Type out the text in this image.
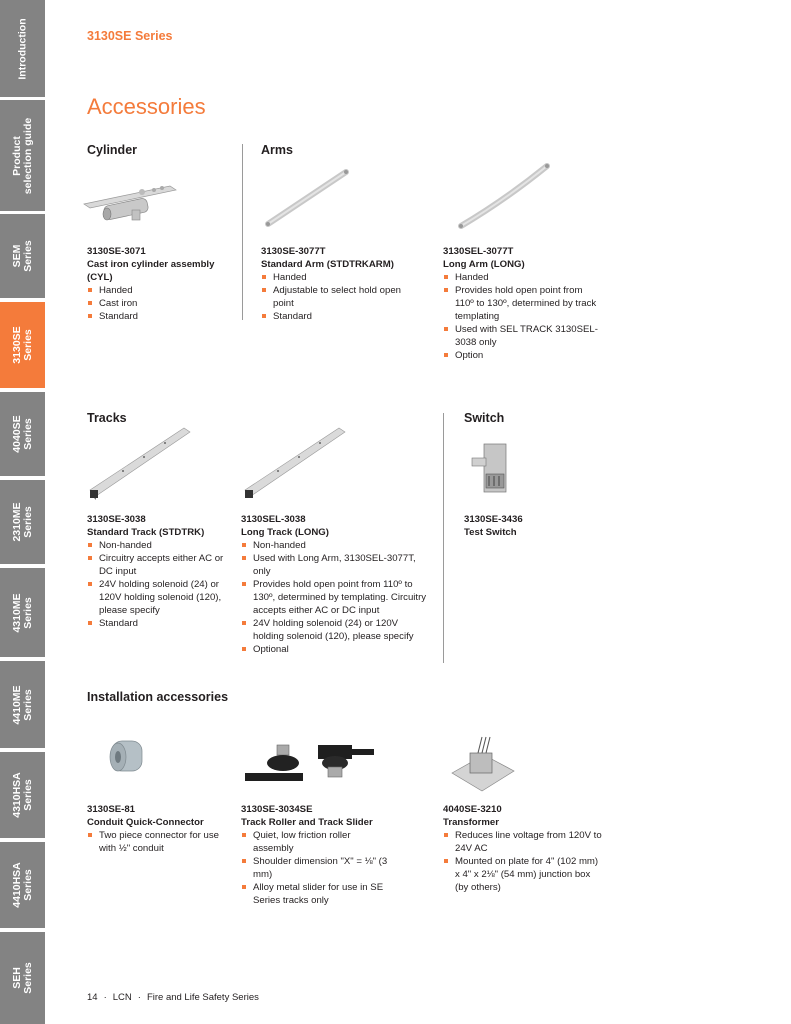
Introduction
Product
selection guide
SEM
Series
3130SE
Series
4040SE
Series
2310ME
Series
4310ME
Series
4410ME
Series
4310HSA
Series
4410HSA
Series
SEH
Series
3130SE Series
Accessories
Cylinder
3130SE-3071
Cast iron cylinder assembly (CYL)
Handed
Cast iron
Standard
Arms
3130SE-3077T
Standard Arm (STDTRKARM)
Handed
Adjustable to select hold open point
Standard
3130SEL-3077T
Long Arm (LONG)
Handed
Provides hold open point from 110º to 130º, determined by track templating
Used with SEL TRACK 3130SEL-3038 only
Option
Tracks
3130SE-3038
Standard Track (STDTRK)
Non-handed
Circuitry accepts either AC or DC input
24V holding solenoid (24) or 120V holding solenoid (120), please specify
Standard
3130SEL-3038
Long Track (LONG)
Non-handed
Used with Long Arm, 3130SEL-3077T, only
Provides hold open point from 110º to 130º, determined by templating. Circuitry accepts either AC or DC input
24V holding solenoid (24) or 120V holding solenoid (120), please specify
Optional
Switch
3130SE-3436
Test Switch
Installation accessories
3130SE-81
Conduit Quick-Connector
Two piece connector for use with ½" conduit
3130SE-3034SE
Track Roller and Track Slider
Quiet, low friction roller assembly
Shoulder dimension "X" = ⅛" (3 mm)
Alloy metal slider for use in SE Series tracks only
4040SE-3210
Transformer
Reduces line voltage from 120V to 24V AC
Mounted on plate for 4" (102 mm) x 4" x 2⅛" (54 mm) junction box (by others)
14 · LCN · Fire and Life Safety Series
